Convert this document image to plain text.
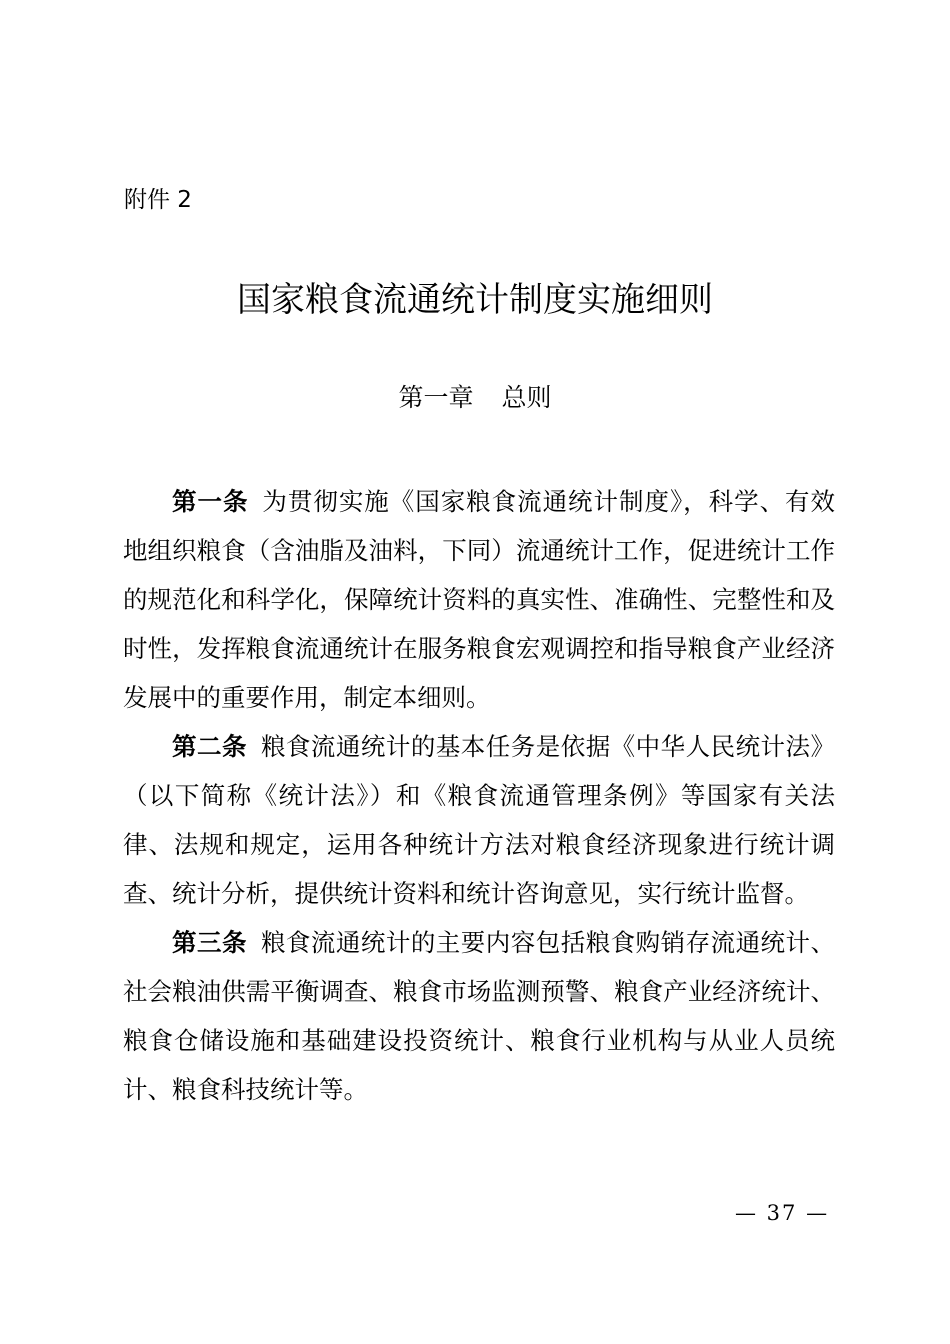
附件 2
国家粮食流通统计制度实施细则
第一章 总则

第一条 为贯彻实施《国家粮食流通统计制度》，科学、有效地组织粮食（含油脂及油料，下同）流通统计工作，促进统计工作的规范化和科学化，保障统计资料的真实性、准确性、完整性和及时性，发挥粮食流通统计在服务粮食宏观调控和指导粮食产业经济发展中的重要作用，制定本细则。

第二条 粮食流通统计的基本任务是依据《中华人民统计法》（以下简称《统计法》）和《粮食流通管理条例》等国家有关法律、法规和规定，运用各种统计方法对粮食经济现象进行统计调查、统计分析，提供统计资料和统计咨询意见，实行统计监督。

第三条 粮食流通统计的主要内容包括粮食购销存流通统计、社会粮油供需平衡调查、粮食市场监测预警、粮食产业经济统计、粮食仓储设施和基础建设投资统计、粮食行业机构与从业人员统计、粮食科技统计等。

— 37 —
